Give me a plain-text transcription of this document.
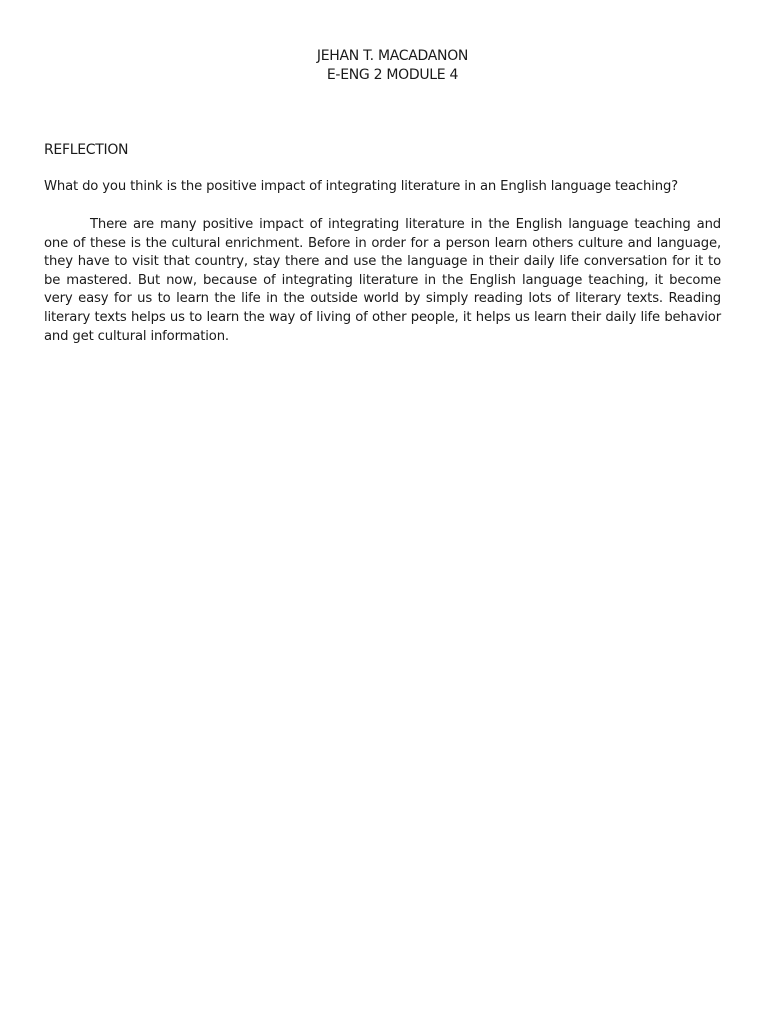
JEHAN T. MACADANON
E-ENG 2 MODULE 4
REFLECTION
What do you think is the positive impact of integrating literature in an English language teaching?

There are many positive impact of integrating literature in the English language teaching and one of these is the cultural enrichment. Before in order for a person learn others culture and language, they have to visit that country, stay there and use the language in their daily life conversation for it to be mastered. But now, because of integrating literature in the English language teaching, it become very easy for us to learn the life in the outside world by simply reading lots of literary texts. Reading literary texts helps us to learn the way of living of other people, it helps us learn their daily life behavior and get cultural information.
